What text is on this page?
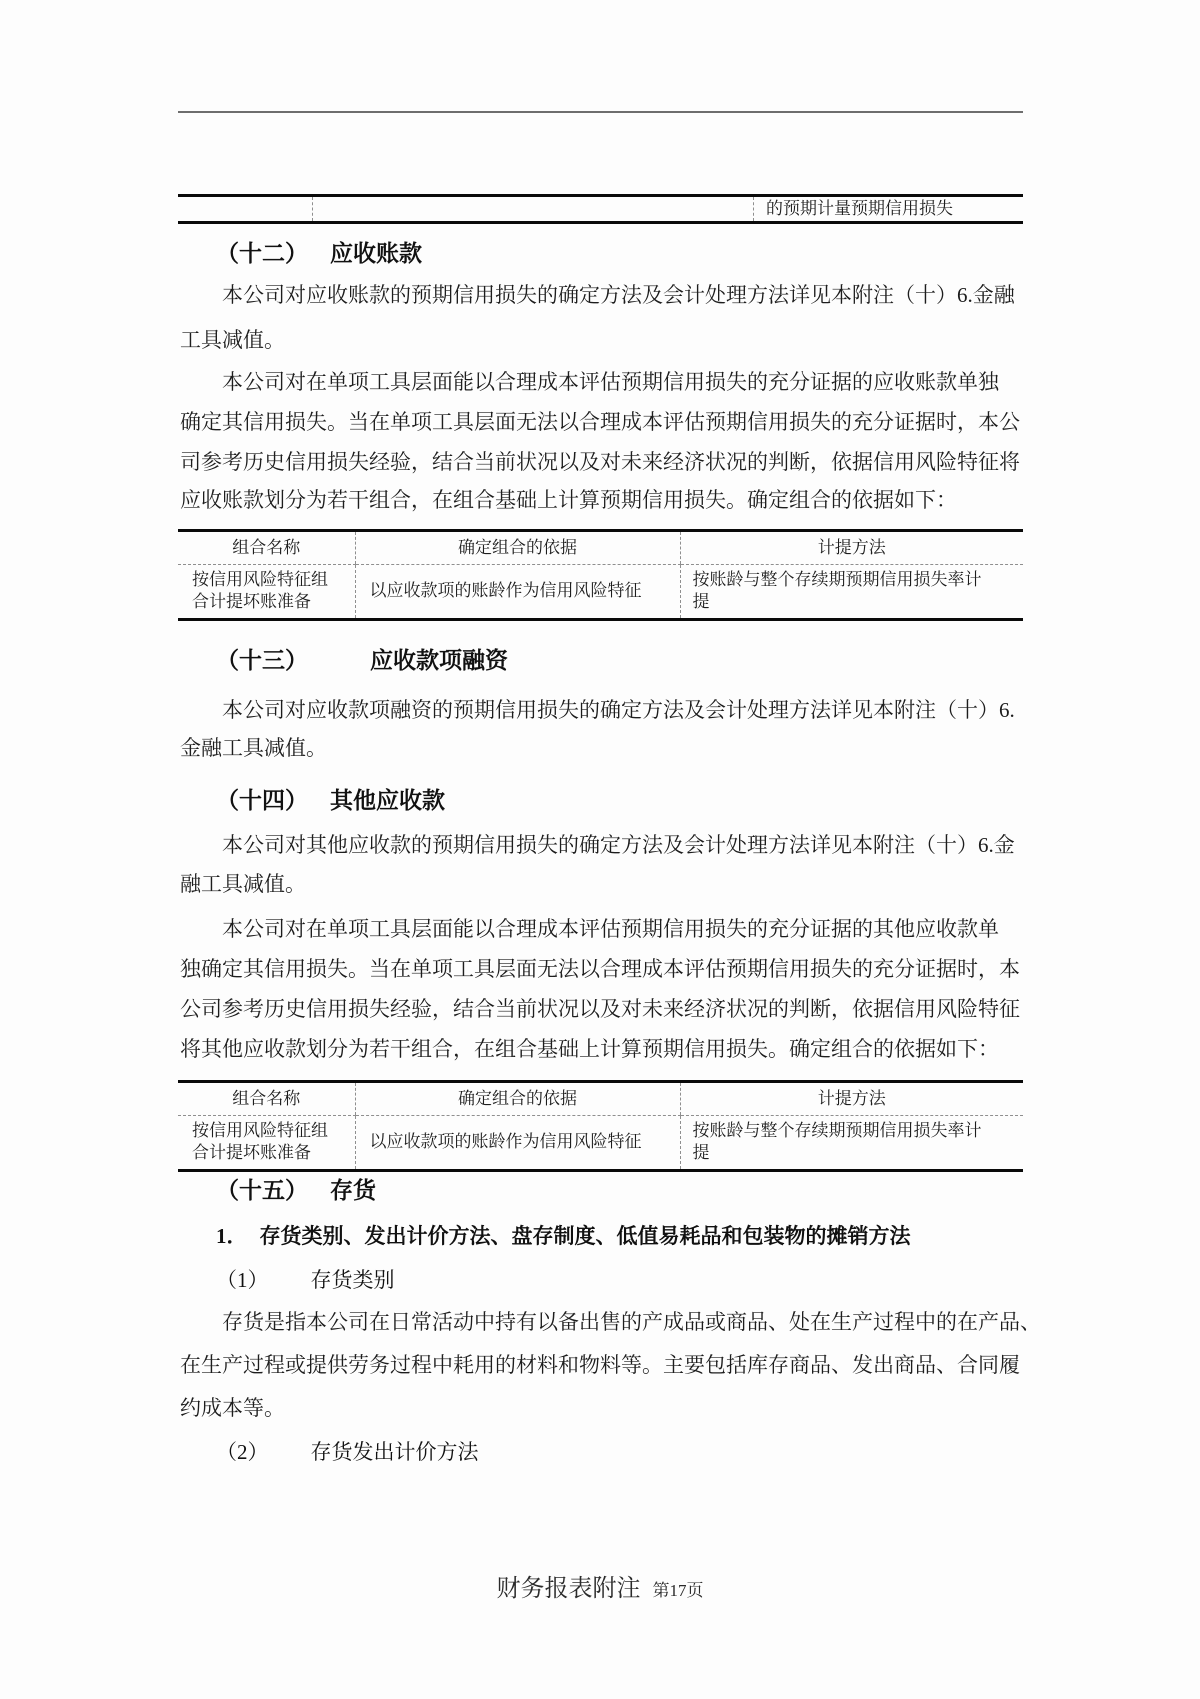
的预期计量预期信用损失
（十二） 应收账款
本公司对应收账款的预期信用损失的确定方法及会计处理方法详见本附注（十）6.金融
工具减值。
本公司对在单项工具层面能以合理成本评估预期信用损失的充分证据的应收账款单独
确定其信用损失。当在单项工具层面无法以合理成本评估预期信用损失的充分证据时，本公
司参考历史信用损失经验，结合当前状况以及对未来经济状况的判断，依据信用风险特征将
应收账款划分为若干组合，在组合基础上计算预期信用损失。确定组合的依据如下：
组合名称	确定组合的依据	计提方法
按信用风险特征组合计提坏账准备	以应收款项的账龄作为信用风险特征	按账龄与整个存续期预期信用损失率计提
（十三）	应收款项融资
本公司对应收款项融资的预期信用损失的确定方法及会计处理方法详见本附注（十）6.
金融工具减值。
（十四） 其他应收款
本公司对其他应收款的预期信用损失的确定方法及会计处理方法详见本附注（十）6.金
融工具减值。
本公司对在单项工具层面能以合理成本评估预期信用损失的充分证据的其他应收款单
独确定其信用损失。当在单项工具层面无法以合理成本评估预期信用损失的充分证据时，本
公司参考历史信用损失经验，结合当前状况以及对未来经济状况的判断，依据信用风险特征
将其他应收款划分为若干组合，在组合基础上计算预期信用损失。确定组合的依据如下：
组合名称	确定组合的依据	计提方法
按信用风险特征组合计提坏账准备	以应收款项的账龄作为信用风险特征	按账龄与整个存续期预期信用损失率计提
（十五） 存货
1． 存货类别、发出计价方法、盘存制度、低值易耗品和包装物的摊销方法
（1） 存货类别
存货是指本公司在日常活动中持有以备出售的产成品或商品、处在生产过程中的在产品、
在生产过程或提供劳务过程中耗用的材料和物料等。主要包括库存商品、发出商品、合同履
约成本等。
（2） 存货发出计价方法
财务报表附注 第17页
